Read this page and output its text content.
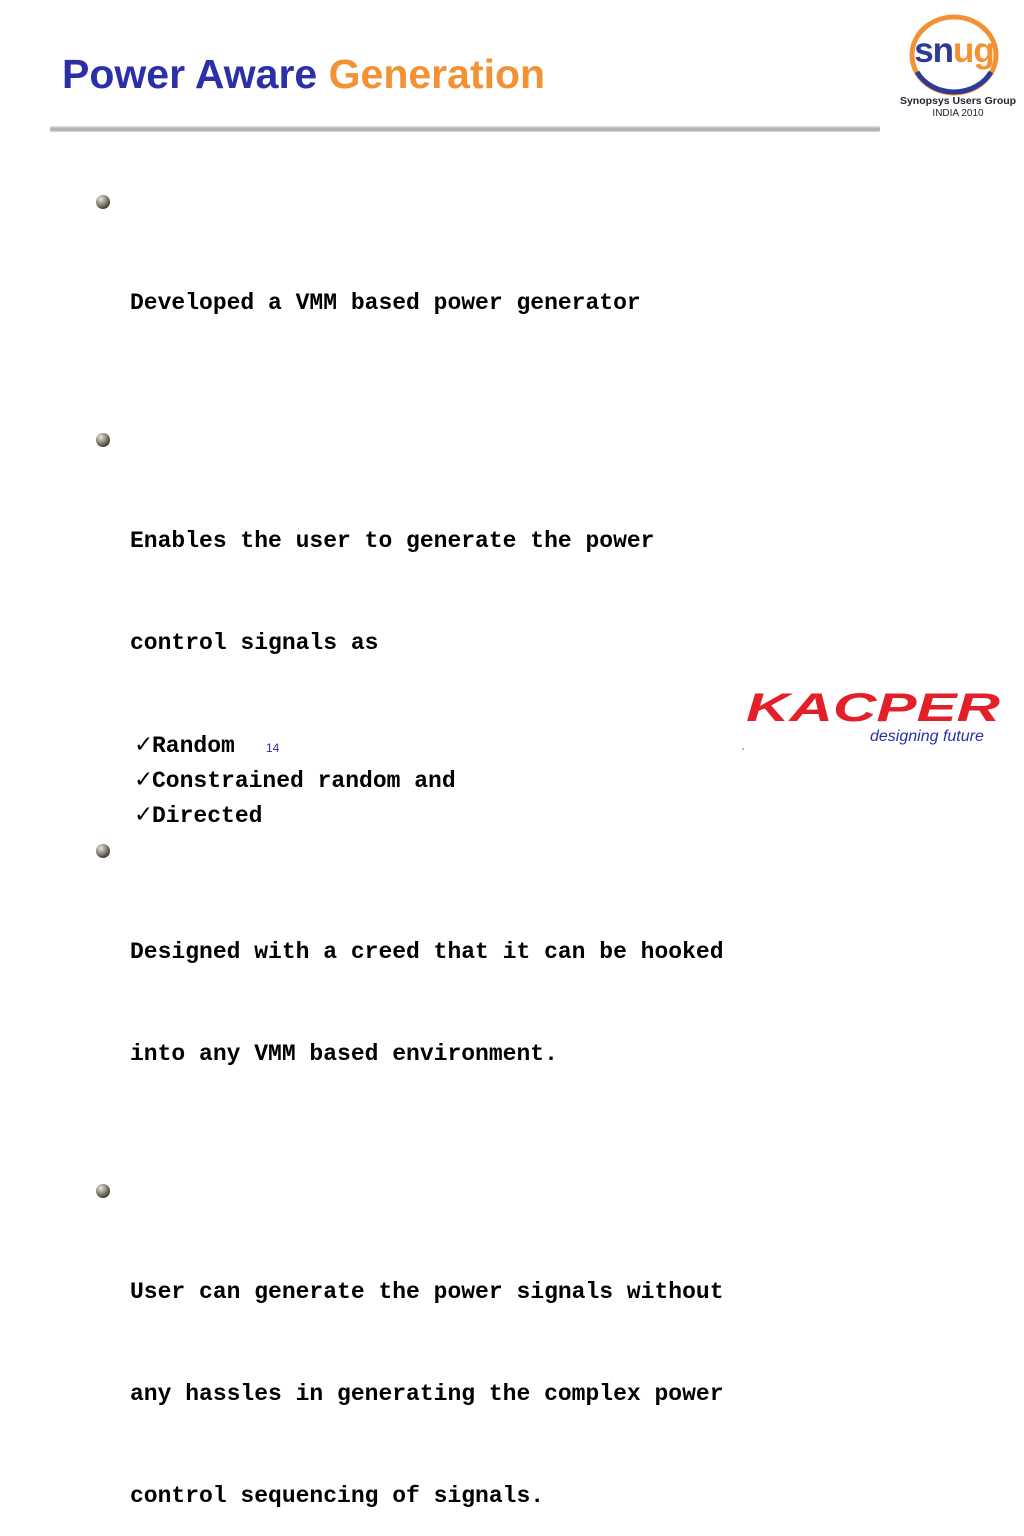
Power Aware Generation
snug
Synopsys Users Group
INDIA 2010

Developed a VMM based power generator

Enables the user to generate the power

control signals as

✓Random
✓Constrained random and
✓Directed

Designed with a creed that it can be hooked

into any VMM based environment.

User can generate the power signals without

any hassles in generating the complex power

control sequencing of signals.

14
KACPER
designing future
